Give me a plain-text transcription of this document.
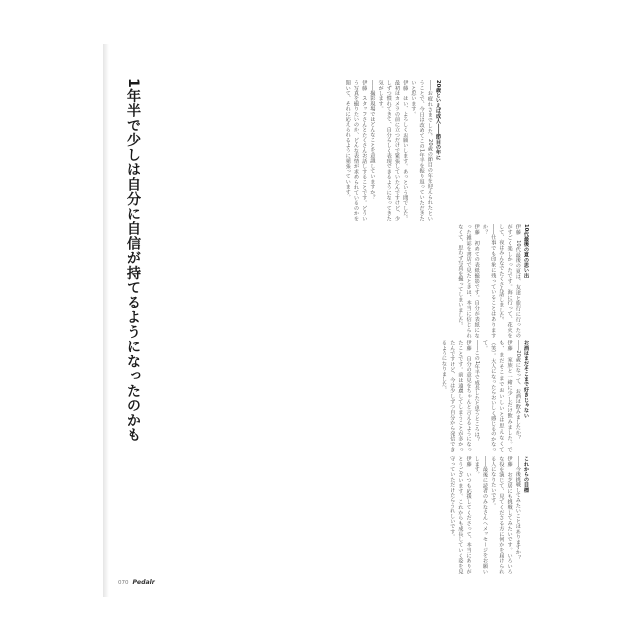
1年半で少しは自分に自信が持てるようになったのかも	20歳といえば成人――節目の年に

――お疲れさまでした。20歳の節目の年を迎えられたということで、今日は改めてこの1年半を振り返っていただきたいと思います。

伊藤　はい、よろしくお願いします。あっという間でした。最初はカメラの前に立つだけで緊張していたんですけど、少しずつ慣れてきて、自分らしく表現できるようになってきた気がします。

――撮影現場ではどんなことを意識していますか？

伊藤　スタッフさんとたくさんお話しすることです。どういう写真を撮りたいのか、どんな表情が求められているのかを聞いて、それに応えられるように頑張っています。

10代最後の夏の思い出

伊藤　10代最後の夏は、友達と旅行に行ったのがすごく楽しかったです。海に行って、花火をして、夜はみんなでたくさん話しました。

――仕事でも印象に残っていることはありますか？

伊藤　初めての表紙撮影です。自分が表紙になった雑誌を書店で見たときは、本当に信じられなくて、思わず写真を撮ってしまいました。

お酒はまだそこまで好きじゃない

――20歳になって、お酒は飲みましたか？

伊藤　家族と一緒に少しだけ飲みました。でも、まだそこまでおいしいとは思えなくて（笑）。大人になったらおいしく感じるのかなって。

――この1年半で成長したと思うところは？

伊藤　自分の意見をちゃんと言えるようになったことです。前は遠慮してしまうことが多かったんですけど、今は少しずつ自分から発信できるようになりました。

これからの目標

――今後挑戦してみたいことはありますか？

伊藤　お芝居にも挑戦してみたいです。いろいろな役を演じて、見てくださる方に何かを届けられる人になりたいです。

――最後に読者のみなさんへメッセージをお願いします。

伊藤　いつも応援してくださって、本当にありがとうございます。これからも成長していく姿を見守っていただけたらうれしいです。

070 Pedalr
